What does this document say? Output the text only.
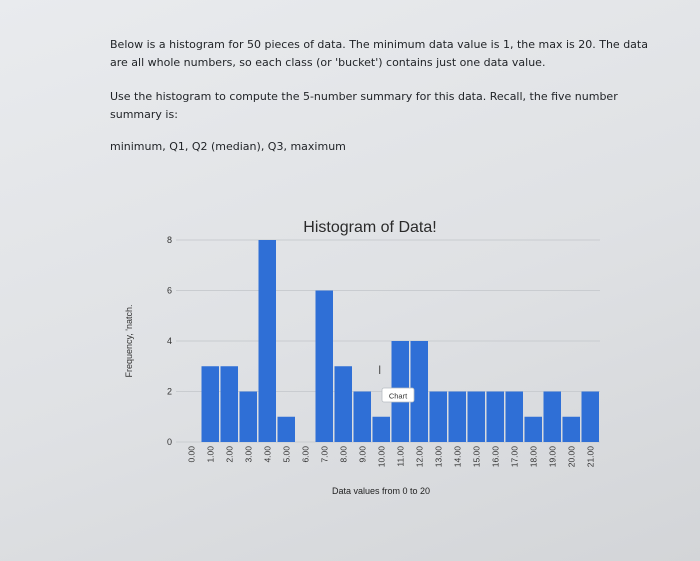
Below is a histogram for 50 pieces of data. The minimum data value is 1, the max is 20. The data are all whole numbers, so each class (or 'bucket') contains just one data value.

Use the histogram to compute the 5-number summary for this data. Recall, the five number summary is:

minimum, Q1, Q2 (median), Q3, maximum

Histogram of Data!
0
2
4
6
8
Frequency, 'natch.
0.00 1.00 2.00 3.00 4.00 5.00 6.00 7.00 8.00 9.00 10.00 11.00 12.00 13.00 14.00 15.00 16.00 17.00 18.00 19.00 20.00 21.00
Data values from 0 to 20
I
Chart
